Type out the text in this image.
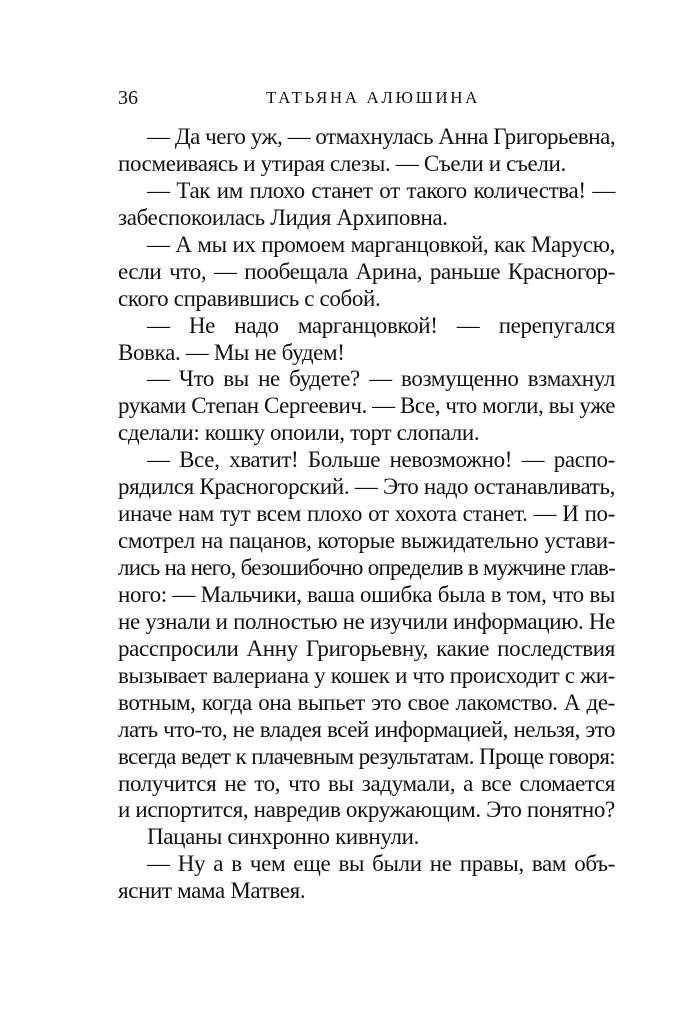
36	ТАТЬЯНА АЛЮШИНА
— Да чего уж, — отмахнулась Анна Григорьевна,
посмеиваясь и утирая слезы. — Съели и съели.
— Так им плохо станет от такого количества! —
забеспокоилась Лидия Архиповна.
— А мы их промоем марганцовкой, как Марусю,
если что, — пообещала Арина, раньше Красногор-
ского справившись с собой.
— Не надо марганцовкой! — перепугался
Вовка. — Мы не будем!
— Что вы не будете? — возмущенно взмахнул
руками Степан Сергеевич. — Все, что могли, вы уже
сделали: кошку опоили, торт слопали.
— Все, хватит! Больше невозможно! — распо-
рядился Красногорский. — Это надо останавливать,
иначе нам тут всем плохо от хохота станет. — И по-
смотрел на пацанов, которые выжидательно устави-
лись на него, безошибочно определив в мужчине глав-
ного: — Мальчики, ваша ошибка была в том, что вы
не узнали и полностью не изучили информацию. Не
расспросили Анну Григорьевну, какие последствия
вызывает валериана у кошек и что происходит с жи-
вотным, когда она выпьет это свое лакомство. А де-
лать что-то, не владея всей информацией, нельзя, это
всегда ведет к плачевным результатам. Проще говоря:
получится не то, что вы задумали, а все сломается
и испортится, навредив окружающим. Это понятно?
Пацаны синхронно кивнули.
— Ну а в чем еще вы были не правы, вам объ-
яснит мама Матвея.
